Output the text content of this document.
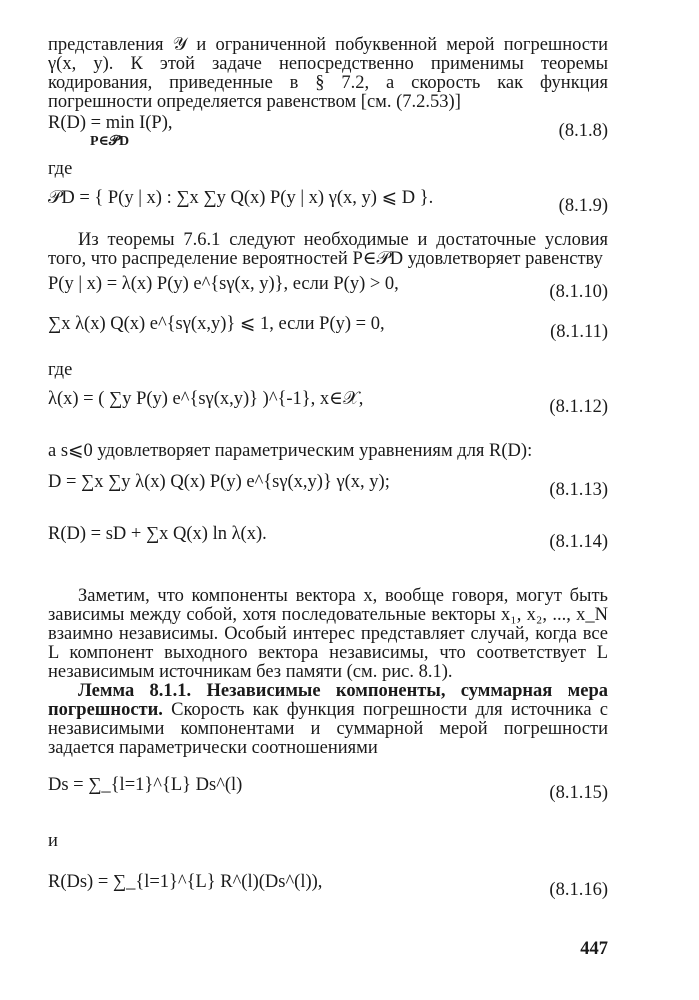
представления 𝒴 и ограниченной побуквенной мерой погрешности γ(x, y). К этой задаче непосредственно применимы теоремы кодирования, приведенные в § 7.2, а скорость как функция погрешности определяется равенством [см. (7.2.53)]

R(D) = min I(P),
P∈𝒫D
(8.1.8)

где

𝒫D = { P(y | x) : ∑x ∑y Q(x) P(y | x) γ(x, y) ⩽ D }.	(8.1.9)

Из теоремы 7.6.1 следуют необходимые и достаточные условия того, что распределение вероятностей P∈𝒫D удовлетворяет равенству

P(y | x) = λ(x) P(y) e^{sγ(x, y)}, если P(y) > 0,	(8.1.10)
∑x λ(x) Q(x) e^{sγ(x,y)} ⩽ 1, если P(y) = 0,	(8.1.11)

где

λ(x) = ( ∑y P(y) e^{sγ(x,y)} )^{-1}, x∈𝒳,	(8.1.12)

а s⩽0 удовлетворяет параметрическим уравнениям для R(D):

D = ∑x ∑y λ(x) Q(x) P(y) e^{sγ(x,y)} γ(x, y);	(8.1.13)
R(D) = sD + ∑x Q(x) ln λ(x).	(8.1.14)

Заметим, что компоненты вектора x, вообще говоря, могут быть зависимы между собой, хотя последовательные векторы x₁, x₂, ..., x_N взаимно независимы. Особый интерес представляет случай, когда все L компонент выходного вектора независимы, что соответствует L независимым источникам без памяти (см. рис. 8.1).

Лемма 8.1.1. Независимые компоненты, суммарная мера погрешности. Скорость как функция погрешности для источника с независимыми компонентами и суммарной мерой погрешности задается параметрически соотношениями

Ds = ∑_{l=1}^{L} Ds^(l)	(8.1.15)

и

R(Ds) = ∑_{l=1}^{L} R^(l)(Ds^(l)),	(8.1.16)
447
